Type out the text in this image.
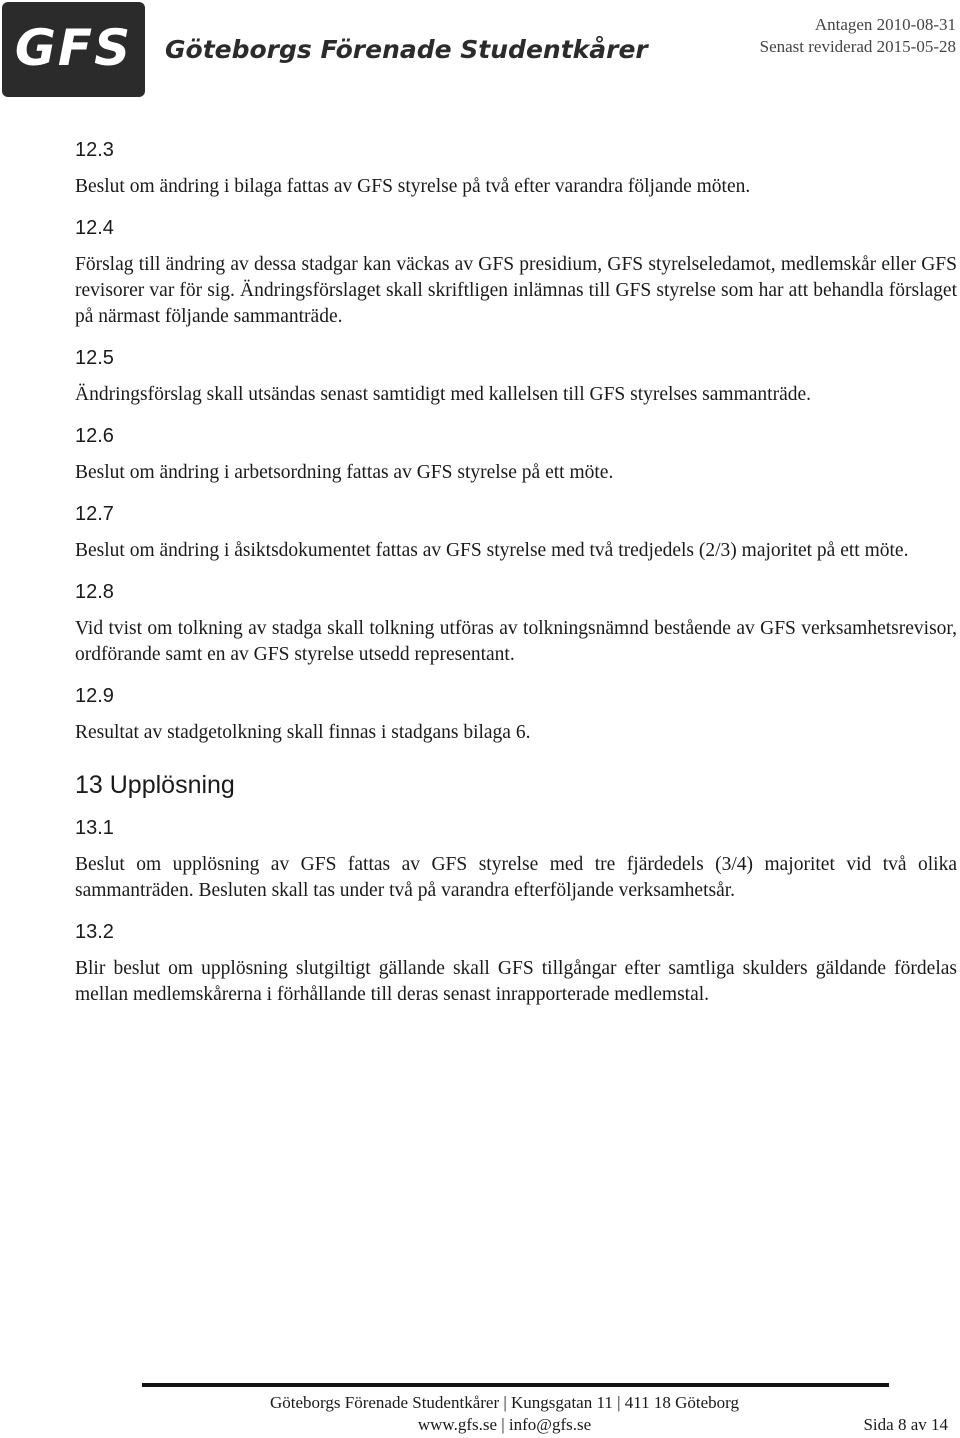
GFS	Göteborgs Förenade Studentkårer
Antagen 2010-08-31
Senast reviderad 2015-05-28

12.3

Beslut om ändring i bilaga fattas av GFS styrelse på två efter varandra följande möten.

12.4

Förslag till ändring av dessa stadgar kan väckas av GFS presidium, GFS styrelseledamot, medlemskår eller GFS revisorer var för sig. Ändringsförslaget skall skriftligen inlämnas till GFS styrelse som har att behandla förslaget på närmast följande sammanträde.

12.5

Ändringsförslag skall utsändas senast samtidigt med kallelsen till GFS styrelses sammanträde.

12.6

Beslut om ändring i arbetsordning fattas av GFS styrelse på ett möte.

12.7

Beslut om ändring i åsiktsdokumentet fattas av GFS styrelse med två tredjedels (2/3) majoritet på ett möte.

12.8

Vid tvist om tolkning av stadga skall tolkning utföras av tolkningsnämnd bestående av GFS verksamhetsrevisor, ordförande samt en av GFS styrelse utsedd representant.

12.9

Resultat av stadgetolkning skall finnas i stadgans bilaga 6.

13 Upplösning

13.1

Beslut om upplösning av GFS fattas av GFS styrelse med tre fjärdedels (3/4) majoritet vid två olika sammanträden. Besluten skall tas under två på varandra efterföljande verksamhetsår.

13.2

Blir beslut om upplösning slutgiltigt gällande skall GFS tillgångar efter samtliga skulders gäldande fördelas mellan medlemskårerna i förhållande till deras senast inrapporterade medlemstal.

Göteborgs Förenade Studentkårer | Kungsgatan 11 | 411 18 Göteborg
www.gfs.se | info@gfs.se	Sida 8 av 14
